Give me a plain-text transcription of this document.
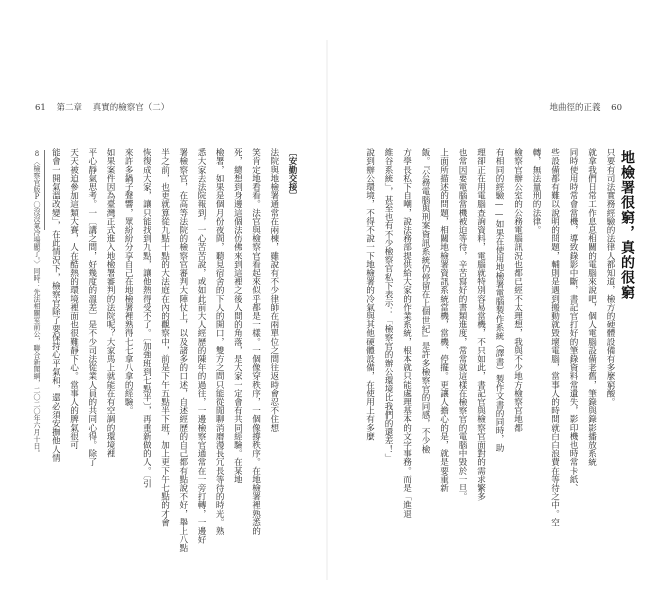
61 第二章 真實的檢察官（二）
〔安勤交接〕
法院與地檢署通常在兩棟，雖說有不少律師在兩單位之間往返時會忍不住想
笑肯定地看看。法官與檢察官看起來似乎都是一樣。一個像穿秩序，一個像撐秩序。在地檢署裡熟悉的
死，總想到身邊這個法仿佛來到這裡之後人間的角落，是大家一定會有共同經驗。在某地
檢署，如果是個月份夜間，聽見宿舍的下人的開口，雙方之間只能從閒聊消磨漫長冗長等待的時光。熟
悉大家去法院報到，一心苦苦說，或如此前大人經歷的陳年的過往，一邊檢察官通常在一旁打轉，一邊好
署檢察官，在高等法院的檢察官審判大陣仗上，以及諸多的口述，自述經歷的自己都有點說不好，舉上八點
半之前，也更就算從九點十點的大法庭在內的觀察中，前是下午五點半下班，加上更下午七點的才會
恢復成大家，讓只能找到九點，讓他熱得受不了。〔加強班到七點半〕，再重新做的人。〔引
來許多鍋子聲響，眾紛紛分享自己在地檢署裡熟得七七拿八拿的經驗。
如果案件因為臺灣正式進入地檢署審判的法院呢？大家馬上就能在有空調的環境裡
平心靜氣思考。一〔講之間，好幾度的溫差〕是不少司法從業人員的共同心得。除了
天天被迫參加這類大賽，人在酷熱的環境裡面也很難靜下心。當事人的脾氣很可
能會一開氣溫改變」，在此情況下，檢察官除了要保持心平氣和，還必須安撫他人情
8〈檢察官版P〇沒沒氣冷場顯了。〉同時：先法相關室前公，聯合新聞網，二〇二〇年六月十日。
地曲徑的正義 60
地檢署很窮，真的很窮
只要有司法實務經驗的法律人都知道，檢方的硬體設備有多麼窮酸。
就拿我們日常工作息息相關的電腦來說吧，個人電腦設備老舊，筆錄與錄影播放系統
同時使用時常會當機，導致錄影中斷，書記官打好的筆錄資料常遺失，影印機也時常卡紙、
些設備都有難以說明的問題，輔則是遇到搬動就毀壞電腦，當事人的時間就白白浪費在等待之中。空
轉，無法量刑的法律。
檢察官辦公室的公務電腦訊況也都已經不太理想，我與不少地方檢察官地都
有相同的經驗——如果在使用地檢署電腦製作系統（譯書）製作文書的同時，助
理卻正在用電腦查詢資料，電腦就特別容易當機，不只如此，書記官與檢察官面對的需求繁多
也常因要電腦當機被迫等待，辛苦寫好的書類進度，常常就這樣在檢察官的電腦中毀於一旦。
上面所描述的問題，相關地檢署資訊系統當機，當機、停擺。更讓人擔心的是，就是要重新
飯。『公務電腦與刑案資訊系統仍停留在上個世紀』是許多檢察官的同感，不少檢
方學長私下自嘲，說法務部提供給大家的作業系統，根本就只能處理基本的文字事務。而是「進退
維谷系統」，甚至也有不少檢察官私下表示：「檢察官的辦公環境比我們的還差！」
說到辦公環境，不得不說一下地檢署的冷氣與其他硬體設備，在使用上有多麼
